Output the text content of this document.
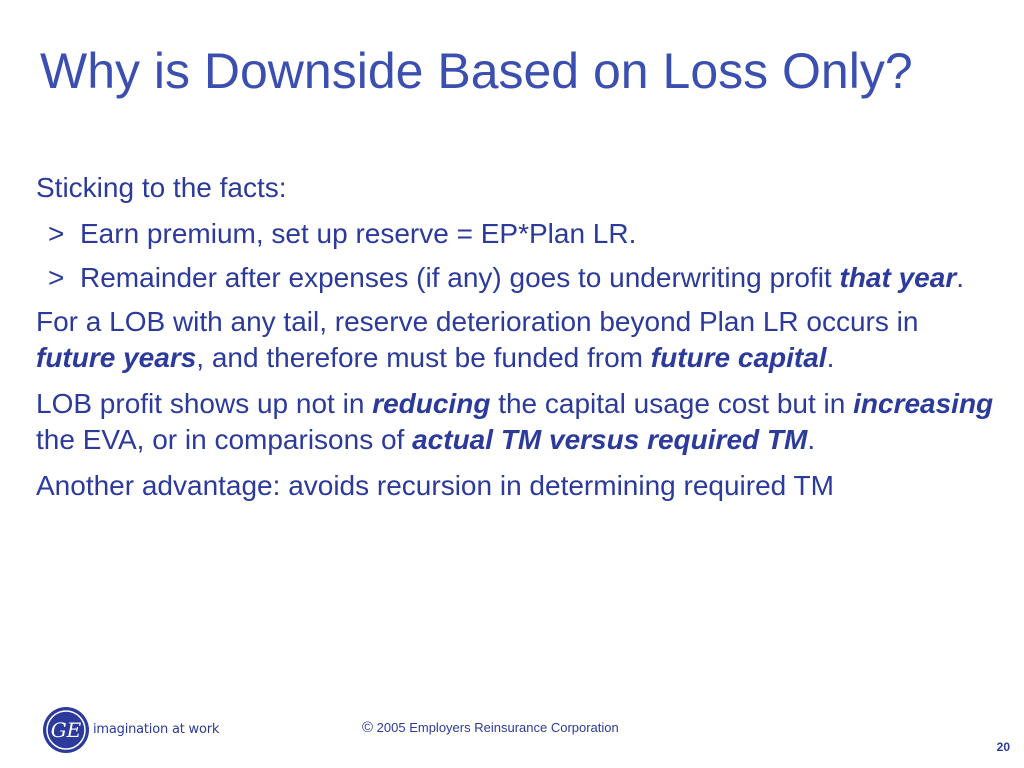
Why is Downside Based on Loss Only?

Sticking to the facts:

> Earn premium, set up reserve = EP*Plan LR.
> Remainder after expenses (if any) goes to underwriting profit that year.

For a LOB with any tail, reserve deterioration beyond Plan LR occurs in future years, and therefore must be funded from future capital.

LOB profit shows up not in reducing the capital usage cost but in increasing the EVA, or in comparisons of actual TM versus required TM.

Another advantage: avoids recursion in determining required TM

GE imagination at work	© 2005 Employers Reinsurance Corporation
20
